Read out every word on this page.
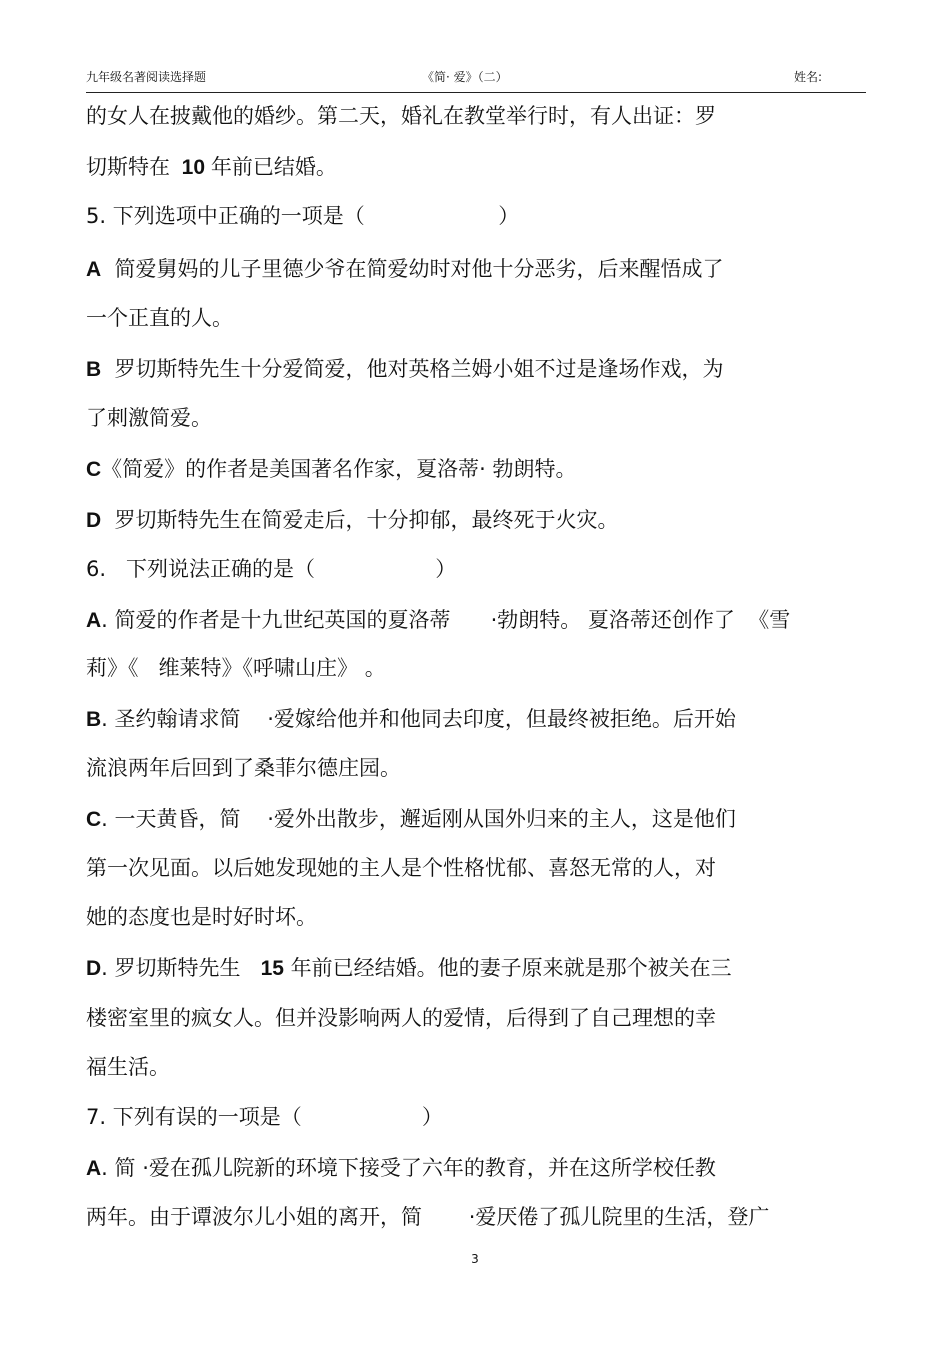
九年级名著阅读选择题	《简· 爱》（二）	姓名:
的女人在披戴他的婚纱。第二天，婚礼在教堂举行时，有人出证：罗
切斯特在  10 年前已结婚。
5. 下列选项中正确的一项是（                    ）
A  简爱舅妈的儿子里德少爷在简爱幼时对他十分恶劣，后来醒悟成了
一个正直的人。
B  罗切斯特先生十分爱简爱，他对英格兰姆小姐不过是逢场作戏，为
了刺激简爱。
C《简爱》的作者是美国著名作家，夏洛蒂· 勃朗特。
D  罗切斯特先生在简爱走后，十分抑郁，最终死于火灾。
6.   下列说法正确的是（                  ）
A. 简爱的作者是十九世纪英国的夏洛蒂      ·勃朗特。 夏洛蒂还创作了  《雪
莉》《   维莱特》《呼啸山庄》 。
B. 圣约翰请求简    ·爱嫁给他并和他同去印度，但最终被拒绝。后开始
流浪两年后回到了桑菲尔德庄园。
C. 一天黄昏，简    ·爱外出散步，邂逅刚从国外归来的主人，这是他们
第一次见面。以后她发现她的主人是个性格忧郁、喜怒无常的人，对
她的态度也是时好时坏。
D. 罗切斯特先生   15 年前已经结婚。他的妻子原来就是那个被关在三
楼密室里的疯女人。但并没影响两人的爱情，后得到了自己理想的幸
福生活。
7. 下列有误的一项是（                  ）
A. 简 ·爱在孤儿院新的环境下接受了六年的教育，并在这所学校任教
两年。由于谭波尔儿小姐的离开，简       ·爱厌倦了孤儿院里的生活，登广
3
